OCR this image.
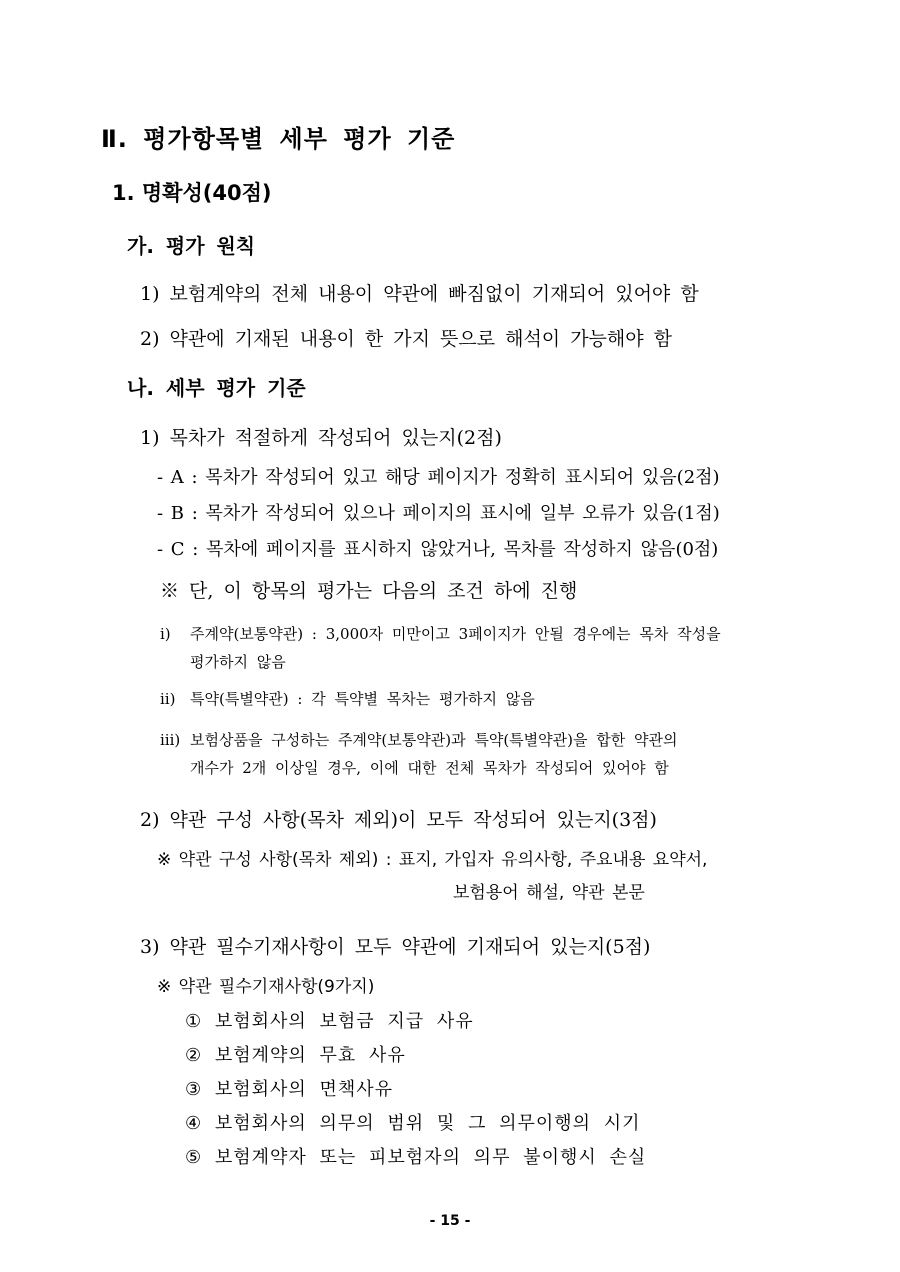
Ⅱ. 평가항목별 세부 평가 기준
1. 명확성(40점)
가. 평가 원칙
1) 보험계약의 전체 내용이 약관에 빠짐없이 기재되어 있어야 함
2) 약관에 기재된 내용이 한 가지 뜻으로 해석이 가능해야 함
나. 세부 평가 기준
1) 목차가 적절하게 작성되어 있는지(2점)
- A : 목차가 작성되어 있고 해당 페이지가 정확히 표시되어 있음(2점)
- B : 목차가 작성되어 있으나 페이지의 표시에 일부 오류가 있음(1점)
- C : 목차에 페이지를 표시하지 않았거나, 목차를 작성하지 않음(0점)
※ 단, 이 항목의 평가는 다음의 조건 하에 진행
ⅰ) 주계약(보통약관) : 3,000자 미만이고 3페이지가 안될 경우에는 목차 작성을
평가하지 않음
ⅱ) 특약(특별약관) : 각 특약별 목차는 평가하지 않음
ⅲ) 보험상품을 구성하는 주계약(보통약관)과 특약(특별약관)을 합한 약관의
개수가 2개 이상일 경우, 이에 대한 전체 목차가 작성되어 있어야 함
2) 약관 구성 사항(목차 제외)이 모두 작성되어 있는지(3점)
※ 약관 구성 사항(목차 제외) : 표지, 가입자 유의사항, 주요내용 요약서,
보험용어 해설, 약관 본문
3) 약관 필수기재사항이 모두 약관에 기재되어 있는지(5점)
※ 약관 필수기재사항(9가지)
① 보험회사의 보험금 지급 사유
② 보험계약의 무효 사유
③ 보험회사의 면책사유
④ 보험회사의 의무의 범위 및 그 의무이행의 시기
⑤ 보험계약자 또는 피보험자의 의무 불이행시 손실
- 15 -
